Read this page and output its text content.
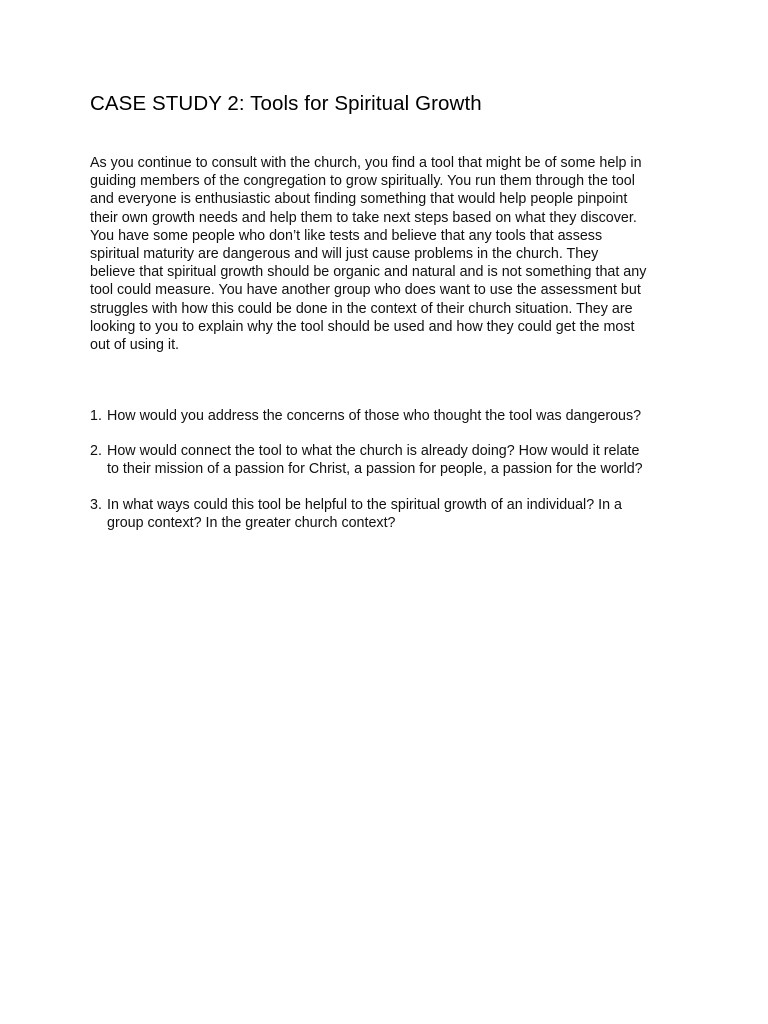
CASE STUDY 2: Tools for Spiritual Growth

As you continue to consult with the church, you find a tool that might be of some help in
guiding members of the congregation to grow spiritually. You run them through the tool
and everyone is enthusiastic about finding something that would help people pinpoint
their own growth needs and help them to take next steps based on what they discover.
You have some people who don’t like tests and believe that any tools that assess
spiritual maturity are dangerous and will just cause problems in the church. They
believe that spiritual growth should be organic and natural and is not something that any
tool could measure. You have another group who does want to use the assessment but
struggles with how this could be done in the context of their church situation. They are
looking to you to explain why the tool should be used and how they could get the most
out of using it.

1. How would you address the concerns of those who thought the tool was dangerous?
2. How would connect the tool to what the church is already doing? How would it relate
to their mission of a passion for Christ, a passion for people, a passion for the world?
3. In what ways could this tool be helpful to the spiritual growth of an individual? In a
group context? In the greater church context?
